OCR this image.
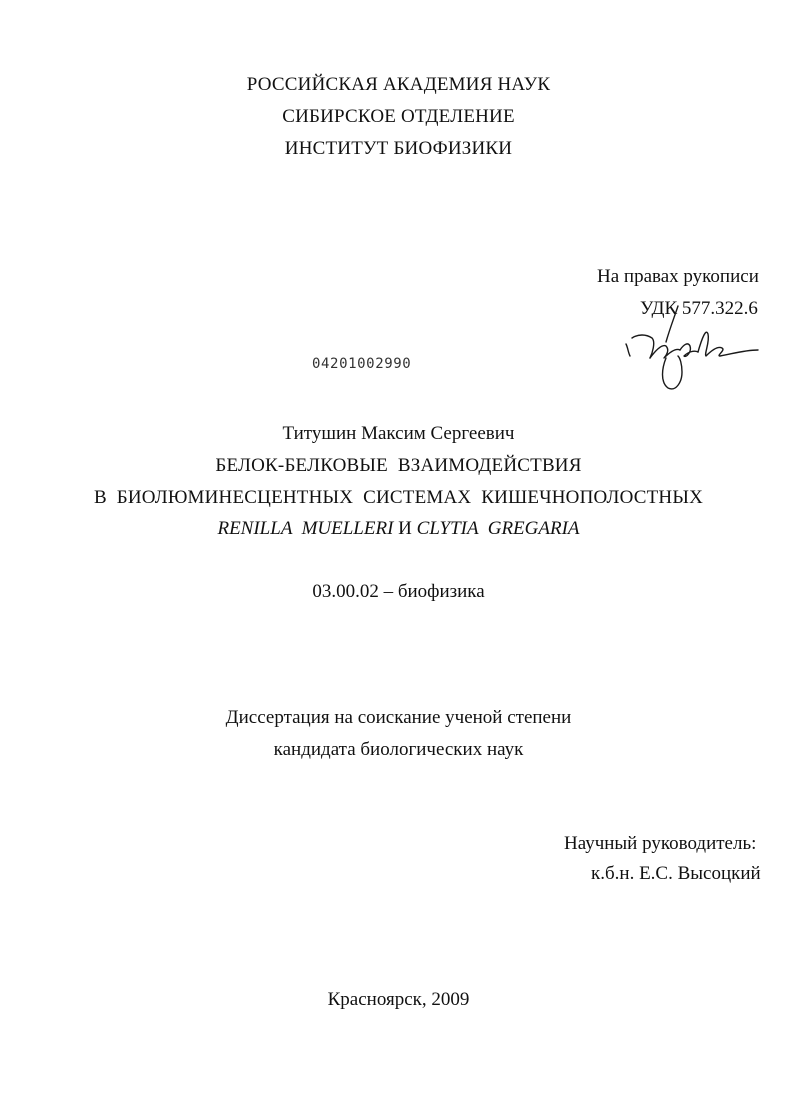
РОССИЙСКАЯ АКАДЕМИЯ НАУК
СИБИРСКОЕ ОТДЕЛЕНИЕ
ИНСТИТУТ БИОФИЗИКИ
На правах рукописи
УДК 577.322.6
04201002990
Титушин Максим Сергеевич
БЕЛОК-БЕЛКОВЫЕ  ВЗАИМОДЕЙСТВИЯ
В  БИОЛЮМИНЕСЦЕНТНЫХ  СИСТЕМАХ  КИШЕЧНОПОЛОСТНЫХ
RENILLA  MUELLERI И CLYTIA  GREGARIA
03.00.02 – биофизика
Диссертация на соискание ученой степени
кандидата биологических наук
Научный руководитель:
к.б.н. Е.С. Высоцкий
Красноярск, 2009
